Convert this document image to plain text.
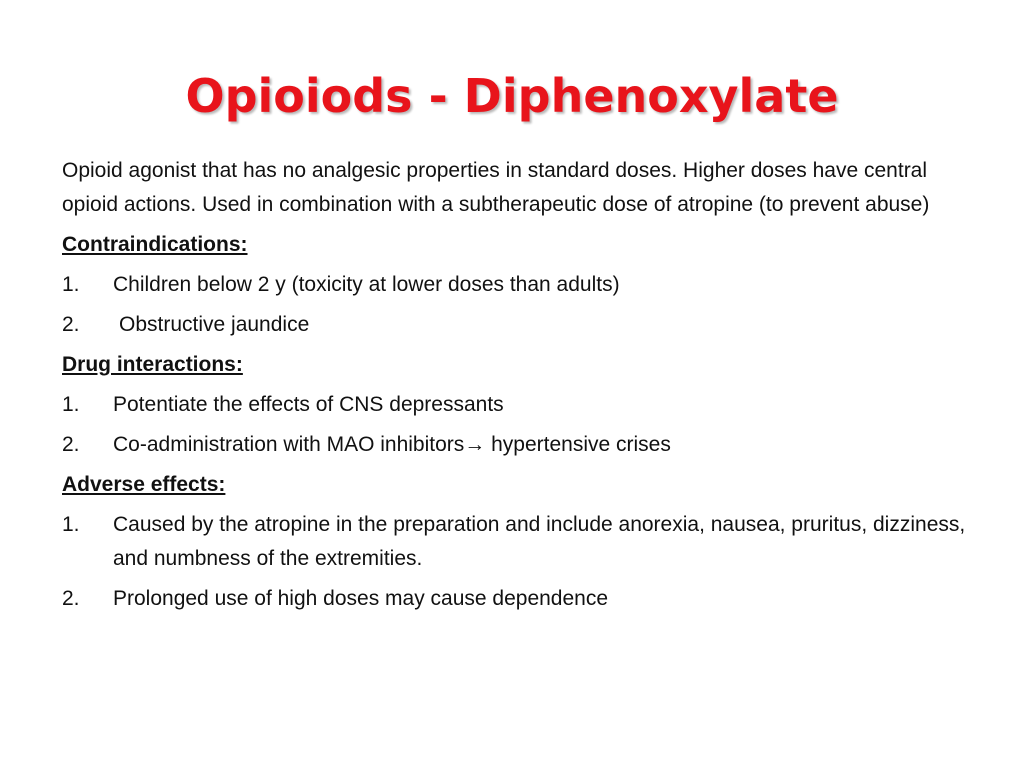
Opioiods - Diphenoxylate

Opioid agonist that has no analgesic properties in standard doses. Higher doses have central opioid actions. Used in combination with a subtherapeutic dose of atropine (to prevent abuse)

Contraindications:
1.	Children below 2 y (toxicity at lower doses than adults)
2.	Obstructive jaundice
Drug interactions:
1.	Potentiate the effects of CNS depressants
2.	Co-administration with MAO inhibitors→ hypertensive crises
Adverse effects:
1.	Caused by the atropine in the preparation and include anorexia, nausea, pruritus, dizziness, and numbness of the extremities.
2.	Prolonged use of high doses may cause dependence
